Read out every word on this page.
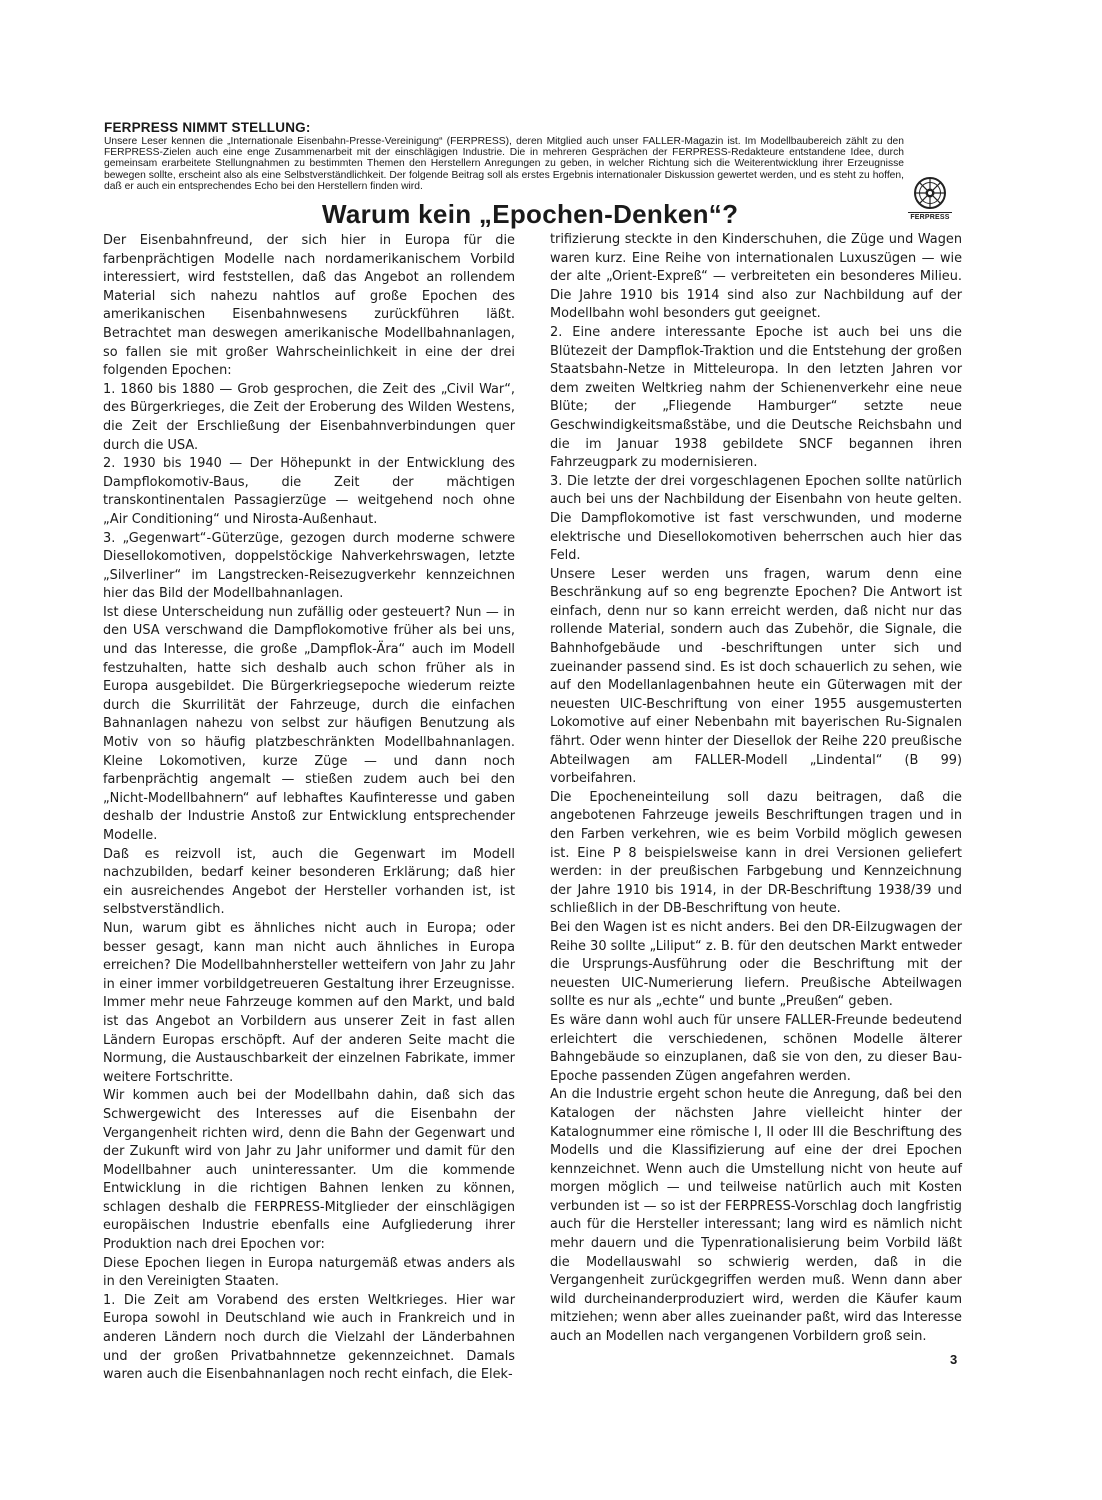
FERPRESS NIMMT STELLUNG:

Unsere Leser kennen die „Internationale Eisenbahn-Presse-Vereinigung“ (FERPRESS), deren Mitglied auch unser FALLER-Magazin ist. Im Modellbaubereich zählt zu den FERPRESS-Zielen auch eine enge Zusammenarbeit mit der einschlägigen Industrie. Die in mehreren Gesprächen der FERPRESS-Redakteure entstandene Idee, durch gemeinsam erarbeitete Stellungnahmen zu bestimmten Themen den Herstellern Anregungen zu geben, in welcher Richtung sich die Weiterentwicklung ihrer Erzeugnisse bewegen sollte, erscheint also als eine Selbstverständlichkeit. Der folgende Beitrag soll als erstes Ergebnis internationaler Diskussion gewertet werden, und es steht zu hoffen, daß er auch ein entsprechendes Echo bei den Herstellern finden wird.

FERPRESS
Warum kein „Epochen-Denken“?

Der Eisenbahnfreund, der sich hier in Europa für die farbenprächtigen Modelle nach nordamerikanischem Vorbild interessiert, wird feststellen, daß das Angebot an rollendem Material sich nahezu nahtlos auf große Epochen des amerikanischen Eisenbahnwesens zurückführen läßt. Betrachtet man deswegen amerikanische Modellbahnanlagen, so fallen sie mit großer Wahrscheinlichkeit in eine der drei folgenden Epochen:

1. 1860 bis 1880 — Grob gesprochen, die Zeit des „Civil War“, des Bürgerkrieges, die Zeit der Eroberung des Wilden Westens, die Zeit der Erschließung der Eisenbahnverbindungen quer durch die USA.

2. 1930 bis 1940 — Der Höhepunkt in der Entwicklung des Dampflokomotiv-Baus, die Zeit der mächtigen transkontinentalen Passagierzüge — weitgehend noch ohne „Air Conditioning“ und Nirosta-Außenhaut.

3. „Gegenwart“-Güterzüge, gezogen durch moderne schwere Diesellokomotiven, doppelstöckige Nahverkehrswagen, letzte „Silverliner“ im Langstrecken-Reisezugverkehr kennzeichnen hier das Bild der Modellbahnanlagen.

Ist diese Unterscheidung nun zufällig oder gesteuert? Nun — in den USA verschwand die Dampflokomotive früher als bei uns, und das Interesse, die große „Dampflok-Ära“ auch im Modell festzuhalten, hatte sich deshalb auch schon früher als in Europa ausgebildet. Die Bürgerkriegsepoche wiederum reizte durch die Skurrilität der Fahrzeuge, durch die einfachen Bahnanlagen nahezu von selbst zur häufigen Benutzung als Motiv von so häufig platzbeschränkten Modellbahnanlagen. Kleine Lokomotiven, kurze Züge — und dann noch farbenprächtig angemalt — stießen zudem auch bei den „Nicht-Modellbahnern“ auf lebhaftes Kaufinteresse und gaben deshalb der Industrie Anstoß zur Entwicklung entsprechender Modelle.

Daß es reizvoll ist, auch die Gegenwart im Modell nachzubilden, bedarf keiner besonderen Erklärung; daß hier ein ausreichendes Angebot der Hersteller vorhanden ist, ist selbstverständlich.

Nun, warum gibt es ähnliches nicht auch in Europa; oder besser gesagt, kann man nicht auch ähnliches in Europa erreichen? Die Modellbahnhersteller wetteifern von Jahr zu Jahr in einer immer vorbildgetreueren Gestaltung ihrer Erzeugnisse. Immer mehr neue Fahrzeuge kommen auf den Markt, und bald ist das Angebot an Vorbildern aus unserer Zeit in fast allen Ländern Europas erschöpft. Auf der anderen Seite macht die Normung, die Austauschbarkeit der einzelnen Fabrikate, immer weitere Fortschritte.

Wir kommen auch bei der Modellbahn dahin, daß sich das Schwergewicht des Interesses auf die Eisenbahn der Vergangenheit richten wird, denn die Bahn der Gegenwart und der Zukunft wird von Jahr zu Jahr uniformer und damit für den Modellbahner auch uninteressanter. Um die kommende Entwicklung in die richtigen Bahnen lenken zu können, schlagen deshalb die FERPRESS-Mitglieder der einschlägigen europäischen Industrie ebenfalls eine Aufgliederung ihrer Produktion nach drei Epochen vor:

Diese Epochen liegen in Europa naturgemäß etwas anders als in den Vereinigten Staaten.

1. Die Zeit am Vorabend des ersten Weltkrieges. Hier war Europa sowohl in Deutschland wie auch in Frankreich und in anderen Ländern noch durch die Vielzahl der Länderbahnen und der großen Privatbahnnetze gekennzeichnet. Damals waren auch die Eisenbahnanlagen noch recht einfach, die Elek-

trifizierung steckte in den Kinderschuhen, die Züge und Wagen waren kurz. Eine Reihe von internationalen Luxuszügen — wie der alte „Orient-Expreß“ — verbreiteten ein besonderes Milieu. Die Jahre 1910 bis 1914 sind also zur Nachbildung auf der Modellbahn wohl besonders gut geeignet.

2. Eine andere interessante Epoche ist auch bei uns die Blütezeit der Dampflok-Traktion und die Entstehung der großen Staatsbahn-Netze in Mitteleuropa. In den letzten Jahren vor dem zweiten Weltkrieg nahm der Schienenverkehr eine neue Blüte; der „Fliegende Hamburger“ setzte neue Geschwindigkeitsmaßstäbe, und die Deutsche Reichsbahn und die im Januar 1938 gebildete SNCF begannen ihren Fahrzeugpark zu modernisieren.

3. Die letzte der drei vorgeschlagenen Epochen sollte natürlich auch bei uns der Nachbildung der Eisenbahn von heute gelten. Die Dampflokomotive ist fast verschwunden, und moderne elektrische und Diesellokomotiven beherrschen auch hier das Feld.

Unsere Leser werden uns fragen, warum denn eine Beschränkung auf so eng begrenzte Epochen? Die Antwort ist einfach, denn nur so kann erreicht werden, daß nicht nur das rollende Material, sondern auch das Zubehör, die Signale, die Bahnhofgebäude und -beschriftungen unter sich und zueinander passend sind. Es ist doch schauerlich zu sehen, wie auf den Modellanlagenbahnen heute ein Güterwagen mit der neuesten UIC-Beschriftung von einer 1955 ausgemusterten Lokomotive auf einer Nebenbahn mit bayerischen Ru-Signalen fährt. Oder wenn hinter der Diesellok der Reihe 220 preußische Abteilwagen am FALLER-Modell „Lindental“ (B 99) vorbeifahren.

Die Epocheneinteilung soll dazu beitragen, daß die angebotenen Fahrzeuge jeweils Beschriftungen tragen und in den Farben verkehren, wie es beim Vorbild möglich gewesen ist. Eine P 8 beispielsweise kann in drei Versionen geliefert werden: in der preußischen Farbgebung und Kennzeichnung der Jahre 1910 bis 1914, in der DR-Beschriftung 1938/39 und schließlich in der DB-Beschriftung von heute.

Bei den Wagen ist es nicht anders. Bei den DR-Eilzugwagen der Reihe 30 sollte „Liliput“ z. B. für den deutschen Markt entweder die Ursprungs-Ausführung oder die Beschriftung mit der neuesten UIC-Numerierung liefern. Preußische Abteilwagen sollte es nur als „echte“ und bunte „Preußen“ geben.

Es wäre dann wohl auch für unsere FALLER-Freunde bedeutend erleichtert die verschiedenen, schönen Modelle älterer Bahngebäude so einzuplanen, daß sie von den, zu dieser Bau-Epoche passenden Zügen angefahren werden.

An die Industrie ergeht schon heute die Anregung, daß bei den Katalogen der nächsten Jahre vielleicht hinter der Katalognummer eine römische I, II oder III die Beschriftung des Modells und die Klassifizierung auf eine der drei Epochen kennzeichnet. Wenn auch die Umstellung nicht von heute auf morgen möglich — und teilweise natürlich auch mit Kosten verbunden ist — so ist der FERPRESS-Vorschlag doch langfristig auch für die Hersteller interessant; lang wird es nämlich nicht mehr dauern und die Typenrationalisierung beim Vorbild läßt die Modellauswahl so schwierig werden, daß in die Vergangenheit zurückgegriffen werden muß. Wenn dann aber wild durcheinanderproduziert wird, werden die Käufer kaum mitziehen; wenn aber alles zueinander paßt, wird das Interesse auch an Modellen nach vergangenen Vorbildern groß sein.

3
